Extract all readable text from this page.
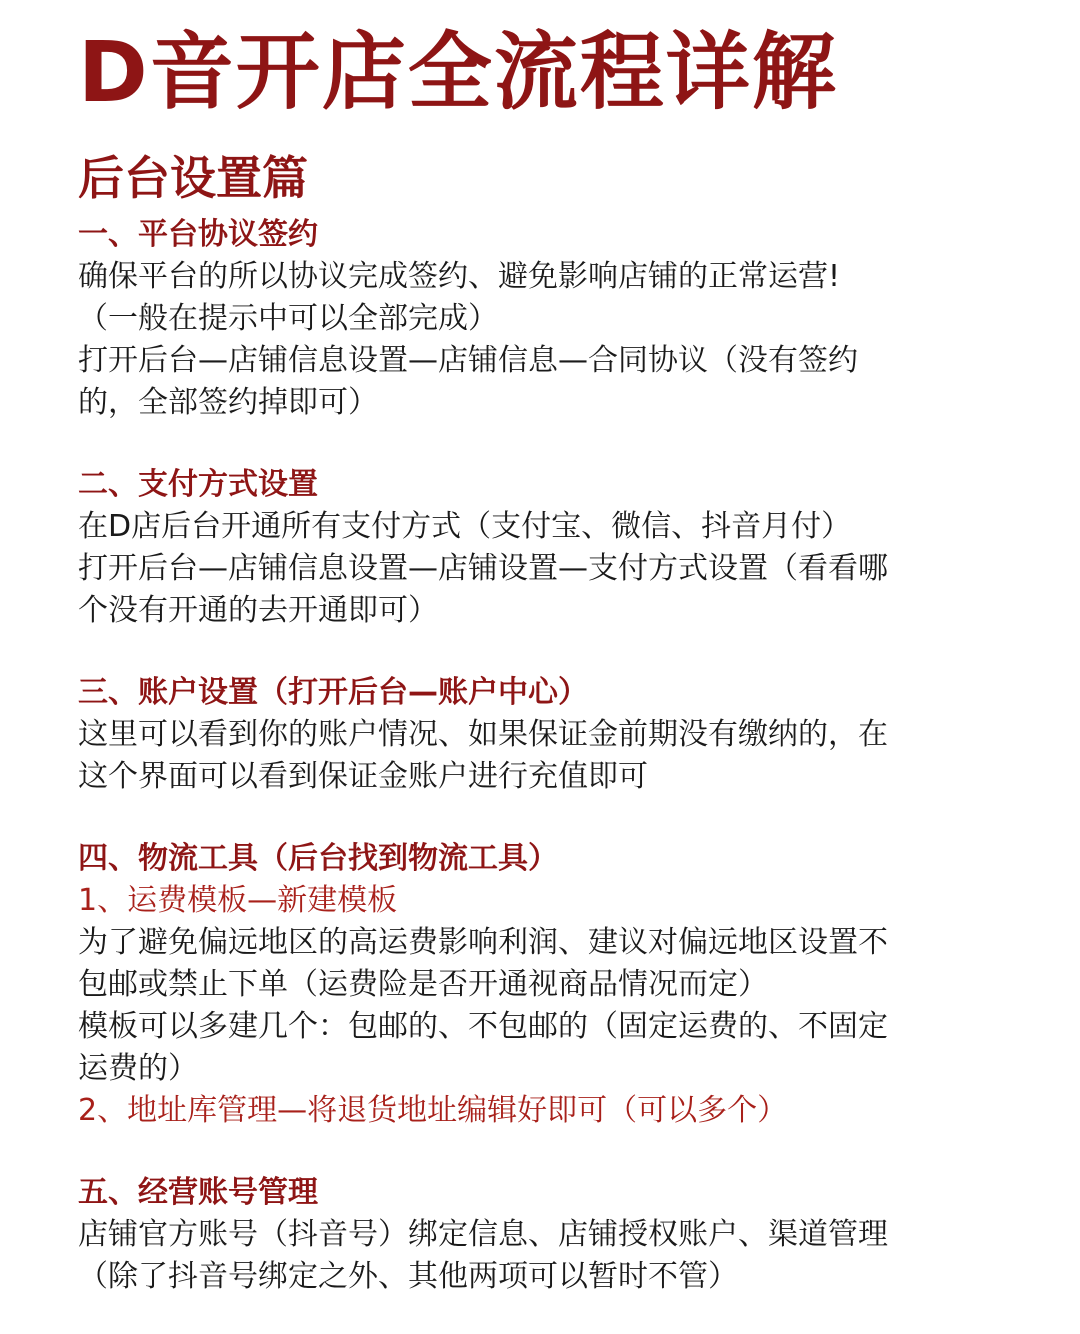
D音开店全流程详解
后台设置篇
一、平台协议签约

确保平台的所以协议完成签约、避免影响店铺的正常运营!

（一般在提示中可以全部完成）

打开后台—店铺信息设置—店铺信息—合同协议（没有签约

的，全部签约掉即可）

二、支付方式设置

在D店后台开通所有支付方式（支付宝、微信、抖音月付）

打开后台—店铺信息设置—店铺设置—支付方式设置（看看哪

个没有开通的去开通即可）

三、账户设置（打开后台—账户中心）

这里可以看到你的账户情况、如果保证金前期没有缴纳的，在

这个界面可以看到保证金账户进行充值即可

四、物流工具（后台找到物流工具）

1、运费模板—新建模板

为了避免偏远地区的高运费影响利润、建议对偏远地区设置不

包邮或禁止下单（运费险是否开通视商品情况而定）

模板可以多建几个：包邮的、不包邮的（固定运费的、不固定

运费的）

2、地址库管理—将退货地址编辑好即可（可以多个）

五、经营账号管理

店铺官方账号（抖音号）绑定信息、店铺授权账户、渠道管理

（除了抖音号绑定之外、其他两项可以暂时不管）
